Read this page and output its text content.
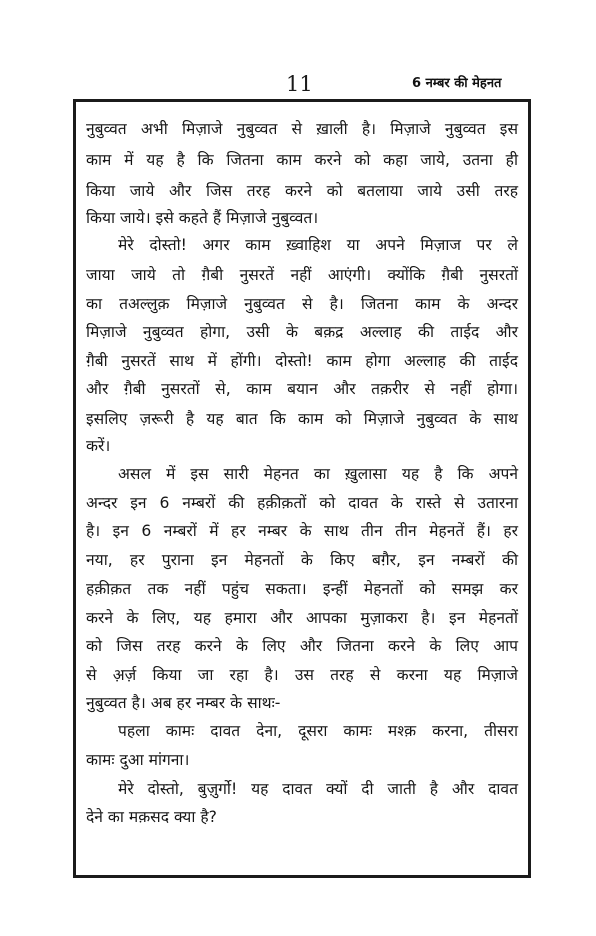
11	6 नम्बर की मेहनत
नुबुव्वत अभी मिज़ाजे नुबुव्वत से ख़ाली है। मिज़ाजे नुबुव्वत इस
काम में यह है कि जितना काम करने को कहा जाये, उतना ही
किया जाये और जिस तरह करने को बतलाया जाये उसी तरह
किया जाये। इसे कहते हैं मिज़ाजे नुबुव्वत।
मेरे दोस्तो! अगर काम ख़्वाहिश या अपने मिज़ाज पर ले
जाया जाये तो ग़ैबी नुसरतें नहीं आएंगी। क्योंकि ग़ैबी नुसरतों
का तअल्लुक़ मिज़ाजे नुबुव्वत से है। जितना काम के अन्दर
मिज़ाजे नुबुव्वत होगा, उसी के बक़द्र अल्लाह की ताईद और
ग़ैबी नुसरतें साथ में होंगी। दोस्तो! काम होगा अल्लाह की ताईद
और ग़ैबी नुसरतों से, काम बयान और तक़रीर से नहीं होगा।
इसलिए ज़रूरी है यह बात कि काम को मिज़ाजे नुबुव्वत के साथ
करें।
असल में इस सारी मेहनत का ख़ुलासा यह है कि अपने
अन्दर इन 6 नम्बरों की हक़ीक़तों को दावत के रास्ते से उतारना
है। इन 6 नम्बरों में हर नम्बर के साथ तीन तीन मेहनतें हैं। हर
नया, हर पुराना इन मेहनतों के किए बग़ैर, इन नम्बरों की
हक़ीक़त तक नहीं पहुंच सकता। इन्हीं मेहनतों को समझ कर
करने के लिए, यह हमारा और आपका मुज़ाकरा है। इन मेहनतों
को जिस तरह करने के लिए और जितना करने के लिए आप
से अ़र्ज़ किया जा रहा है। उस तरह से करना यह मिज़ाजे
नुबुव्वत है। अब हर नम्बर के साथः-
पहला कामः दावत देना, दूसरा कामः मश्क़ करना, तीसरा
कामः दुआ मांगना।
मेरे दोस्तो, बुज़ुर्गो! यह दावत क्यों दी जाती है और दावत
देने का मक़सद क्या है?
